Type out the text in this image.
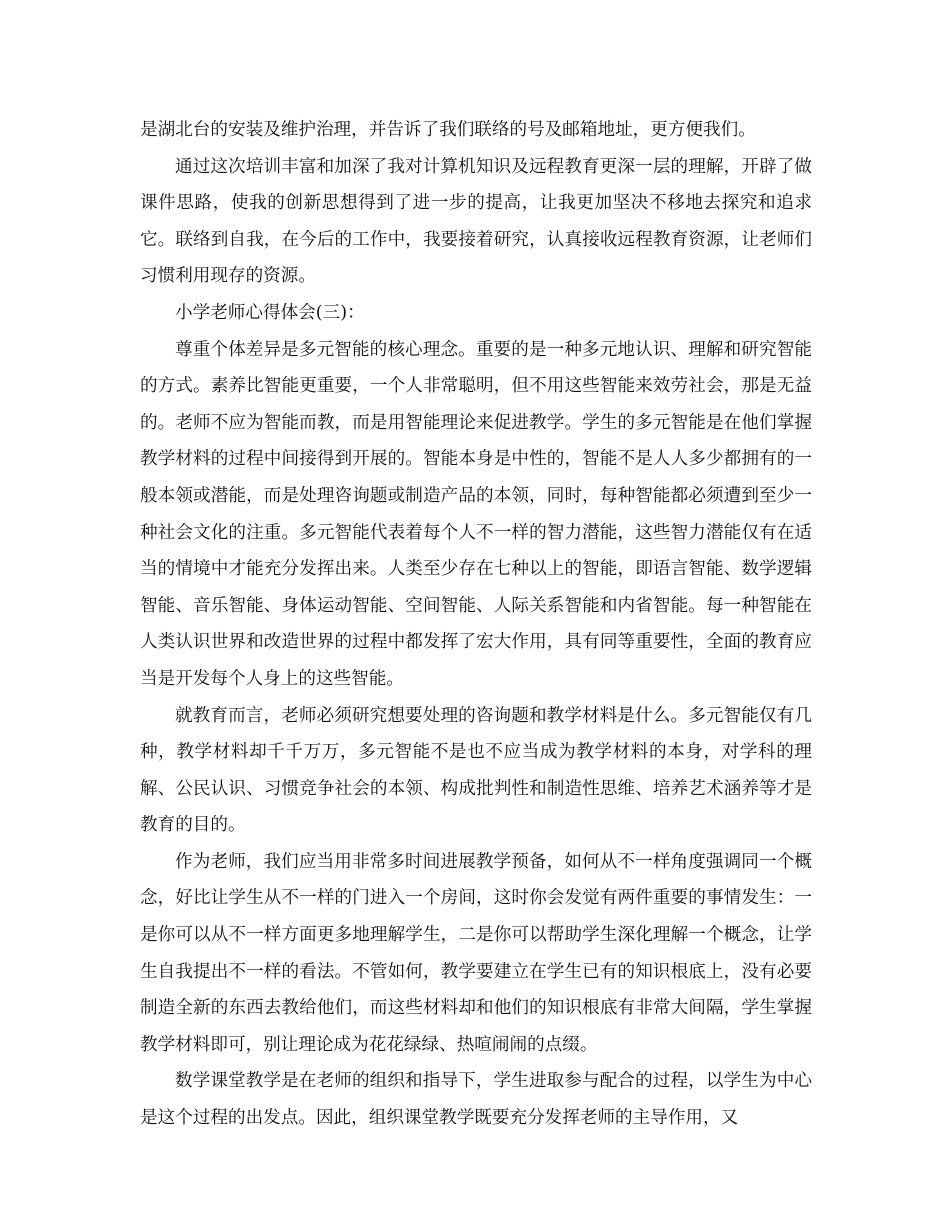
是湖北台的安装及维护治理，并告诉了我们联络的号及邮箱地址，更方便我们。

通过这次培训丰富和加深了我对计算机知识及远程教育更深一层的理解，开辟了做课件思路，使我的创新思想得到了进一步的提高，让我更加坚决不移地去探究和追求它。联络到自我，在今后的工作中，我要接着研究，认真接收远程教育资源，让老师们习惯利用现存的资源。

小学老师心得体会(三)：

尊重个体差异是多元智能的核心理念。重要的是一种多元地认识、理解和研究智能的方式。素养比智能更重要，一个人非常聪明，但不用这些智能来效劳社会，那是无益的。老师不应为智能而教，而是用智能理论来促进教学。学生的多元智能是在他们掌握教学材料的过程中间接得到开展的。智能本身是中性的，智能不是人人多少都拥有的一般本领或潜能，而是处理咨询题或制造产品的本领，同时，每种智能都必须遭到至少一种社会文化的注重。多元智能代表着每个人不一样的智力潜能，这些智力潜能仅有在适当的情境中才能充分发挥出来。人类至少存在七种以上的智能，即语言智能、数学逻辑智能、音乐智能、身体运动智能、空间智能、人际关系智能和内省智能。每一种智能在人类认识世界和改造世界的过程中都发挥了宏大作用，具有同等重要性，全面的教育应当是开发每个人身上的这些智能。

就教育而言，老师必须研究想要处理的咨询题和教学材料是什么。多元智能仅有几种，教学材料却千千万万，多元智能不是也不应当成为教学材料的本身，对学科的理解、公民认识、习惯竞争社会的本领、构成批判性和制造性思维、培养艺术涵养等才是教育的目的。

作为老师，我们应当用非常多时间进展教学预备，如何从不一样角度强调同一个概念，好比让学生从不一样的门进入一个房间，这时你会发觉有两件重要的事情发生：一是你可以从不一样方面更多地理解学生，二是你可以帮助学生深化理解一个概念，让学生自我提出不一样的看法。不管如何，教学要建立在学生已有的知识根底上，没有必要制造全新的东西去教给他们，而这些材料却和他们的知识根底有非常大间隔，学生掌握教学材料即可，别让理论成为花花绿绿、热喧闹闹的点缀。

数学课堂教学是在老师的组织和指导下，学生进取参与配合的过程，以学生为中心是这个过程的出发点。因此，组织课堂教学既要充分发挥老师的主导作用，又
